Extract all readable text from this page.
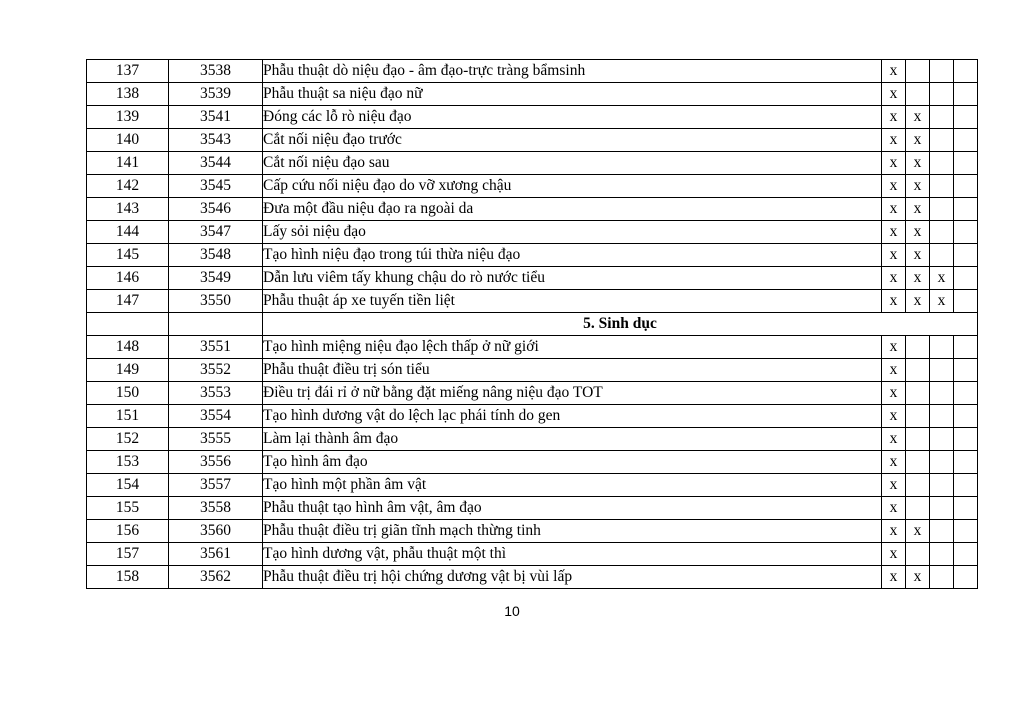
137	3538	Phẫu thuật dò niệu đạo - âm đạo-trực tràng bẩmsinh	x			
138	3539	Phẫu thuật sa niệu đạo nữ	x			
139	3541	Đóng các lỗ rò niệu đạo	x	x		
140	3543	Cắt nối niệu đạo trước	x	x		
141	3544	Cắt nối niệu đạo sau	x	x		
142	3545	Cấp cứu nối niệu đạo do vỡ xương chậu	x	x		
143	3546	Đưa một đầu niệu đạo ra ngoài da	x	x		
144	3547	Lấy sỏi niệu đạo	x	x		
145	3548	Tạo hình niệu đạo trong túi thừa niệu đạo	x	x		
146	3549	Dẫn lưu viêm tấy khung chậu do rò nước tiểu	x	x	x	
147	3550	Phẫu thuật áp xe tuyến tiền liệt	x	x	x	
		5. Sinh dục				
148	3551	Tạo hình miệng niệu đạo lệch thấp ở nữ giới	x			
149	3552	Phẫu thuật điều trị són tiểu	x			
150	3553	Điều trị đái rỉ ở nữ bằng đặt miếng nâng niệu đạo TOT	x			
151	3554	Tạo hình dương vật do lệch lạc phái tính do gen	x			
152	3555	Làm lại thành âm đạo	x			
153	3556	Tạo hình âm đạo	x			
154	3557	Tạo hình một phần âm vật	x			
155	3558	Phẫu thuật tạo hình âm vật, âm đạo	x			
156	3560	Phẫu thuật điều trị giãn tĩnh mạch thừng tinh	x	x		
157	3561	Tạo hình dương vật, phẫu thuật một thì	x			
158	3562	Phẫu thuật điều trị hội chứng dương vật bị vùi lấp	x	x		
10
